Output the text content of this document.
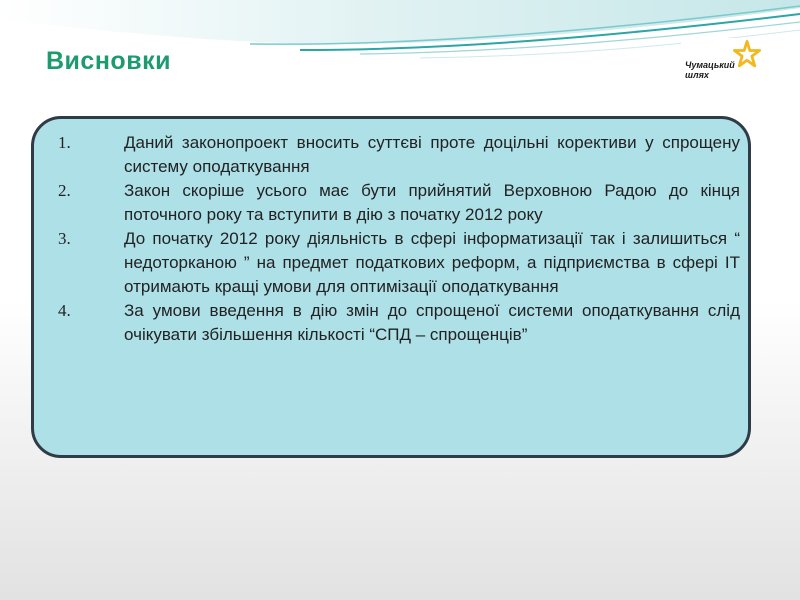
Висновки	Чумацький
шлях
1.	Даний законопроект вносить суттєві проте доцільні корективи у спрощену систему оподаткування
2.	Закон скоріше усього має бути прийнятий Верховною Радою до кінця поточного року та вступити в дію з початку 2012 року
3.	До початку 2012 року діяльність в сфері інформатизації так і залишиться “ недоторканою ” на предмет податкових реформ, а підприємства в сфері ІТ отримають кращі умови для оптимізації оподаткування
4.	За умови введення в дію змін до спрощеної системи оподаткування слід очікувати збільшення кількості “СПД – спрощенців”
